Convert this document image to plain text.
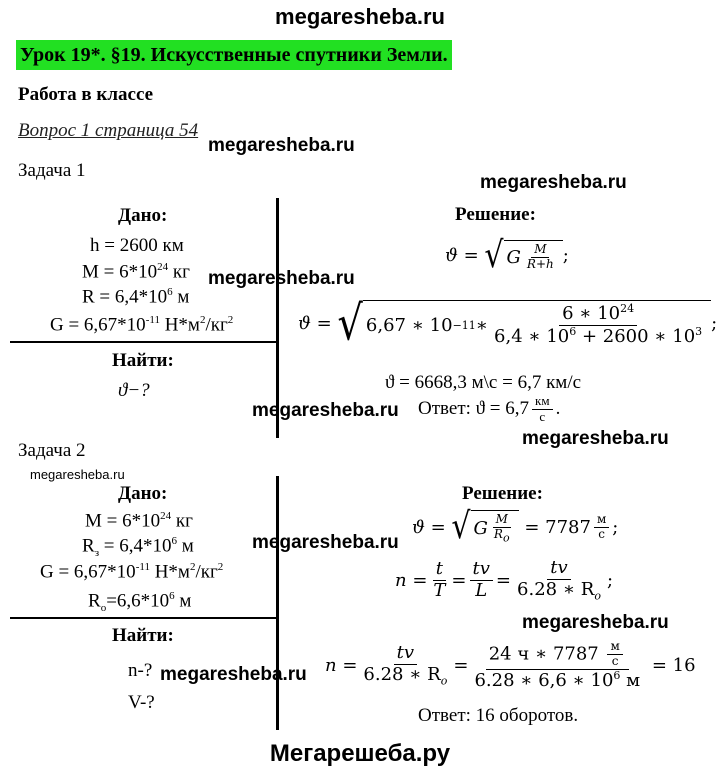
megaresheba.ru
Урок 19*. §19. Искусственные спутники Земли.
Работа в классе
Вопрос 1 страница 54
Задача 1
Дано:
h = 2600 км
$M = 6*10^{24}$ кг
$R = 6,4*10^6$ м
$G = 6,67*10^{-11}$ $Н*м^2/кг^2$
Найти:
ϑ−?
Решение:
ϑ =
√ G $\frac{M}{R+h}$ ;
ϑ =
√ 6,67 ∗ 10 −11 ∗ $\frac{6 ∗ 10^{24}}{6,4 ∗ 10^6 + 2600 ∗ 10^3}$ ;
ϑ = 6668,3 м\с = 6,7 км/с
Ответ: $ϑ = 6,7 \frac{км}{с}$ .
Задача 2
Дано:
$M = 6*10^{24}$ кг
$R_з = 6,4*10^6$ м
$G = 6,67*10^{-11}$ $Н*м^2/кг^2$
$R_o=6,6*10^6$ м
Найти:
n-?
V-?
Решение:
ϑ =
√ G $\frac{M}{R_o}$
= $7787 \frac{м}{с}$ ;
$n = \frac{t}{T} = \frac{tv}{L} = \frac{tv}{6.28 ∗ R_o}$ ;
$n = \frac{tv}{6.28 ∗ R_o} = \frac{24 ч ∗ 7787 \frac{м}{с}}{6.28 ∗ 6,6 ∗ 10^6 м}$
= 16
Ответ: 16 оборотов.
megaresheba.ru
megaresheba.ru
megaresheba.ru
megaresheba.ru
megaresheba.ru
megaresheba.ru
megaresheba.ru
megaresheba.ru
megaresheba.ru
Мегарешеба.ру
